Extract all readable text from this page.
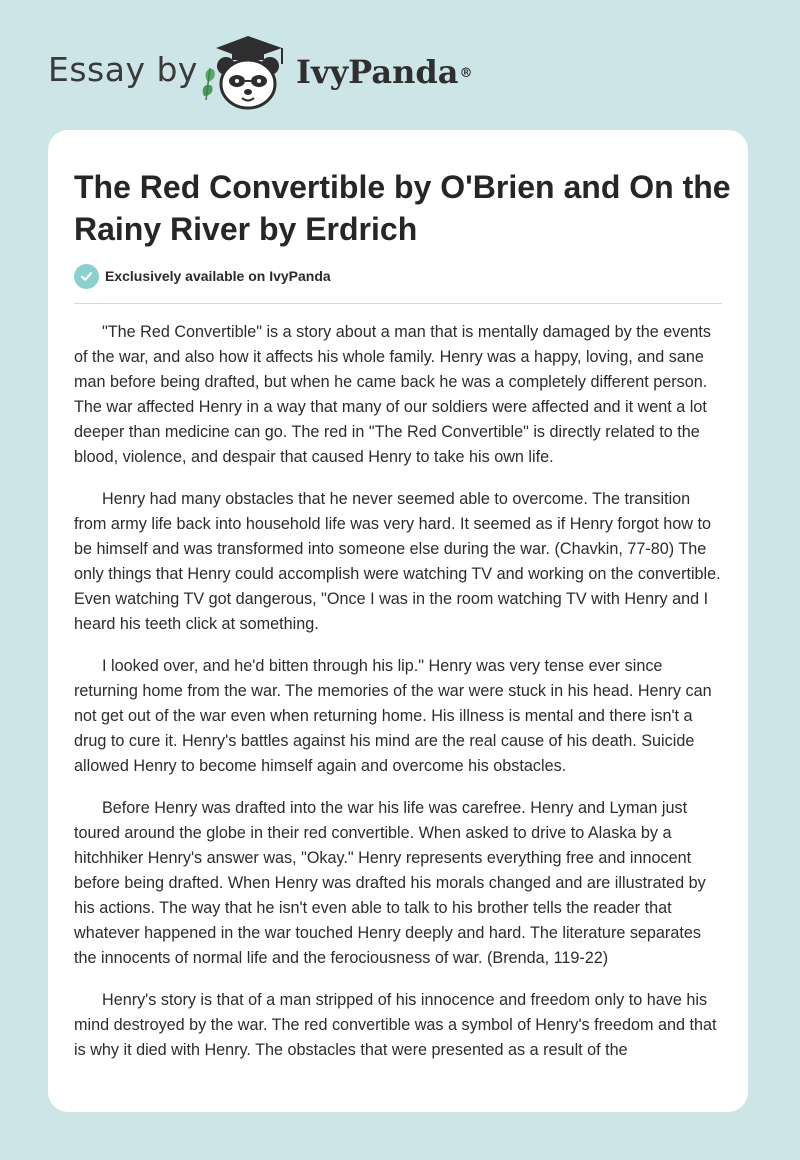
Essay by	IvyPanda®
The Red Convertible by O'Brien and On the Rainy River by Erdrich
Exclusively available on IvyPanda

"The Red Convertible" is a story about a man that is mentally damaged by the events of the war, and also how it affects his whole family. Henry was a happy, loving, and sane man before being drafted, but when he came back he was a completely different person. The war affected Henry in a way that many of our soldiers were affected and it went a lot deeper than medicine can go. The red in "The Red Convertible" is directly related to the blood, violence, and despair that caused Henry to take his own life.

Henry had many obstacles that he never seemed able to overcome. The transition from army life back into household life was very hard. It seemed as if Henry forgot how to be himself and was transformed into someone else during the war. (Chavkin, 77-80) The only things that Henry could accomplish were watching TV and working on the convertible. Even watching TV got dangerous, "Once I was in the room watching TV with Henry and I heard his teeth click at something.

I looked over, and he'd bitten through his lip." Henry was very tense ever since returning home from the war. The memories of the war were stuck in his head. Henry can not get out of the war even when returning home. His illness is mental and there isn't a drug to cure it. Henry's battles against his mind are the real cause of his death. Suicide allowed Henry to become himself again and overcome his obstacles.

Before Henry was drafted into the war his life was carefree. Henry and Lyman just toured around the globe in their red convertible. When asked to drive to Alaska by a hitchhiker Henry's answer was, "Okay." Henry represents everything free and innocent before being drafted. When Henry was drafted his morals changed and are illustrated by his actions. The way that he isn't even able to talk to his brother tells the reader that whatever happened in the war touched Henry deeply and hard. The literature separates the innocents of normal life and the ferociousness of war. (Brenda, 119-22)

Henry's story is that of a man stripped of his innocence and freedom only to have his mind destroyed by the war. The red convertible was a symbol of Henry's freedom and that is why it died with Henry. The obstacles that were presented as a result of the
